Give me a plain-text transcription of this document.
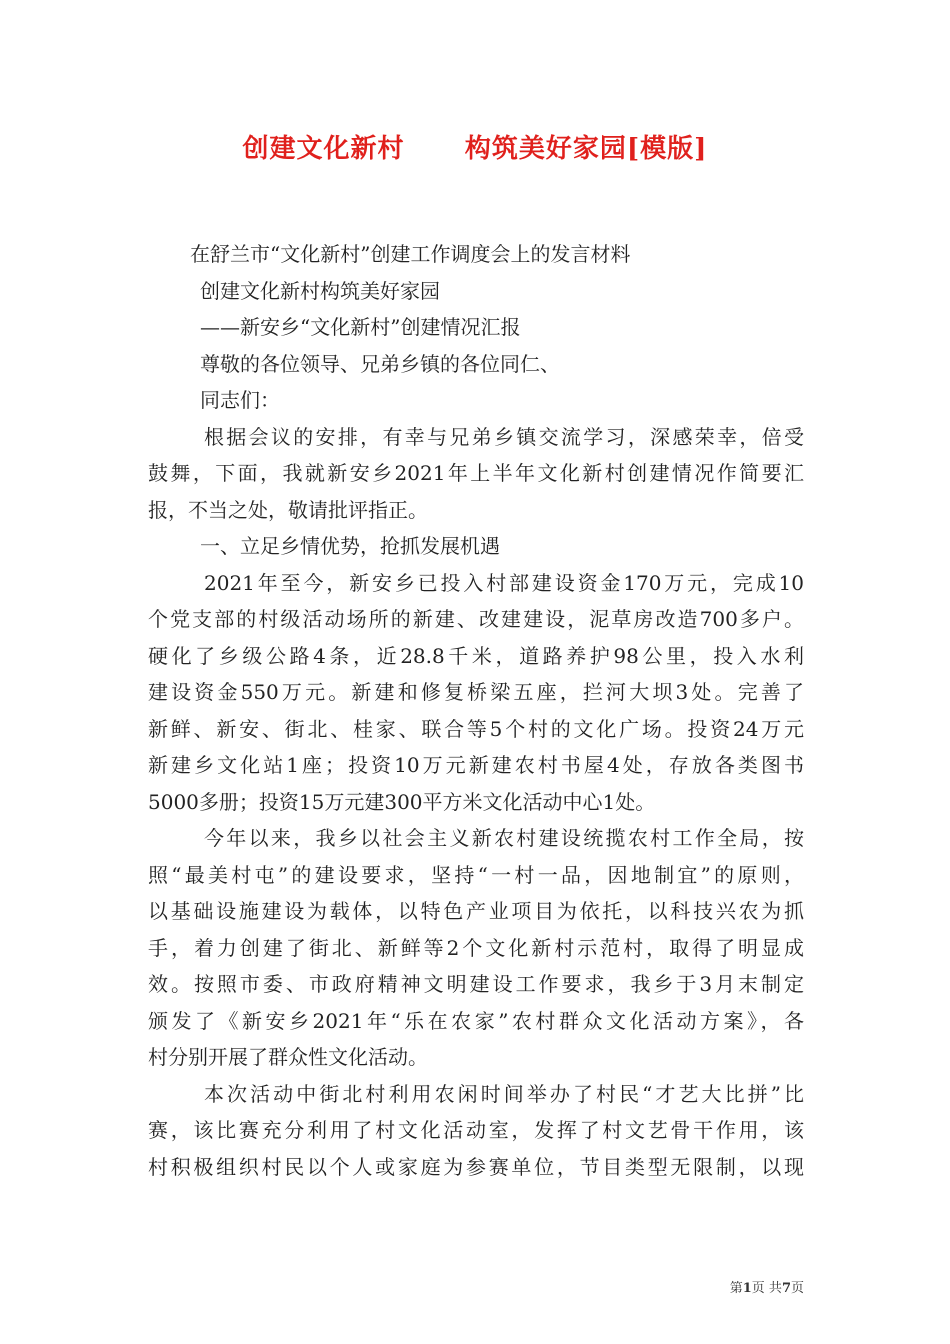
创建文化新村      构筑美好家园[模版]
在舒兰市“文化新村”创建工作调度会上的发言材料
创建文化新村构筑美好家园
——新安乡“文化新村”创建情况汇报
尊敬的各位领导、兄弟乡镇的各位同仁、
同志们：
根据会议的安排，有幸与兄弟乡镇交流学习，深感荣幸，倍受
鼓舞，下面，我就新安乡2021年上半年文化新村创建情况作简要汇
报，不当之处，敬请批评指正。
一、立足乡情优势，抢抓发展机遇
2021年至今，新安乡已投入村部建设资金170万元，完成10
个党支部的村级活动场所的新建、改建建设，泥草房改造700多户。
硬化了乡级公路4条，近28.8千米，道路养护98公里，投入水利
建设资金550万元。新建和修复桥梁五座，拦河大坝3处。完善了
新鲜、新安、街北、桂家、联合等5个村的文化广场。投资24万元
新建乡文化站1座；投资10万元新建农村书屋4处，存放各类图书
5000多册；投资15万元建300平方米文化活动中心1处。
今年以来，我乡以社会主义新农村建设统揽农村工作全局，按
照“最美村屯”的建设要求，坚持“一村一品，因地制宜”的原则，
以基础设施建设为载体，以特色产业项目为依托，以科技兴农为抓
手，着力创建了街北、新鲜等2个文化新村示范村，取得了明显成
效。按照市委、市政府精神文明建设工作要求，我乡于3月末制定
颁发了《新安乡2021年“乐在农家”农村群众文化活动方案》，各
村分别开展了群众性文化活动。
本次活动中街北村利用农闲时间举办了村民“才艺大比拼”比
赛，该比赛充分利用了村文化活动室，发挥了村文艺骨干作用，该
村积极组织村民以个人或家庭为参赛单位，节目类型无限制，以现
第1页 共7页
